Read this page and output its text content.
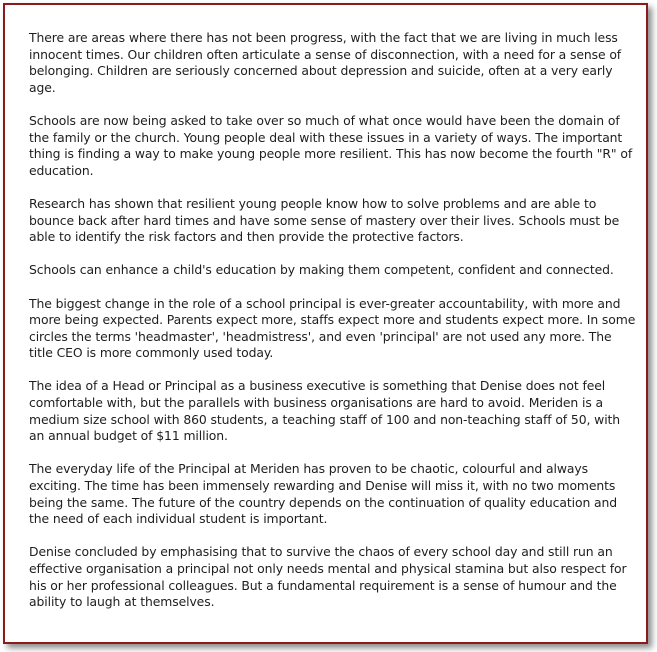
There are areas where there has not been progress, with the fact that we are living in much less innocent times. Our children often articulate a sense of disconnection, with a need for a sense of belonging. Children are seriously concerned about depression and suicide, often at a very early age.

Schools are now being asked to take over so much of what once would have been the domain of the family or the church. Young people deal with these issues in a variety of ways. The important thing is finding a way to make young people more resilient. This has now become the fourth "R" of education.

Research has shown that resilient young people know how to solve problems and are able to bounce back after hard times and have some sense of mastery over their lives. Schools must be able to identify the risk factors and then provide the protective factors.

Schools can enhance a child's education by making them competent, confident and connected.

The biggest change in the role of a school principal is ever-greater accountability, with more and more being expected. Parents expect more, staffs expect more and students expect more. In some circles the terms 'headmaster', 'headmistress', and even 'principal' are not used any more. The title CEO is more commonly used today.

The idea of a Head or Principal as a business executive is something that Denise does not feel comfortable with, but the parallels with business organisations are hard to avoid. Meriden is a medium size school with 860 students, a teaching staff of 100 and non-teaching staff of 50, with an annual budget of $11 million.

The everyday life of the Principal at Meriden has proven to be chaotic, colourful and always exciting. The time has been immensely rewarding and Denise will miss it, with no two moments being the same. The future of the country depends on the continuation of quality education and the need of each individual student is important.

Denise concluded by emphasising that to survive the chaos of every school day and still run an effective organisation a principal not only needs mental and physical stamina but also respect for his or her professional colleagues. But a fundamental requirement is a sense of humour and the ability to laugh at themselves.
